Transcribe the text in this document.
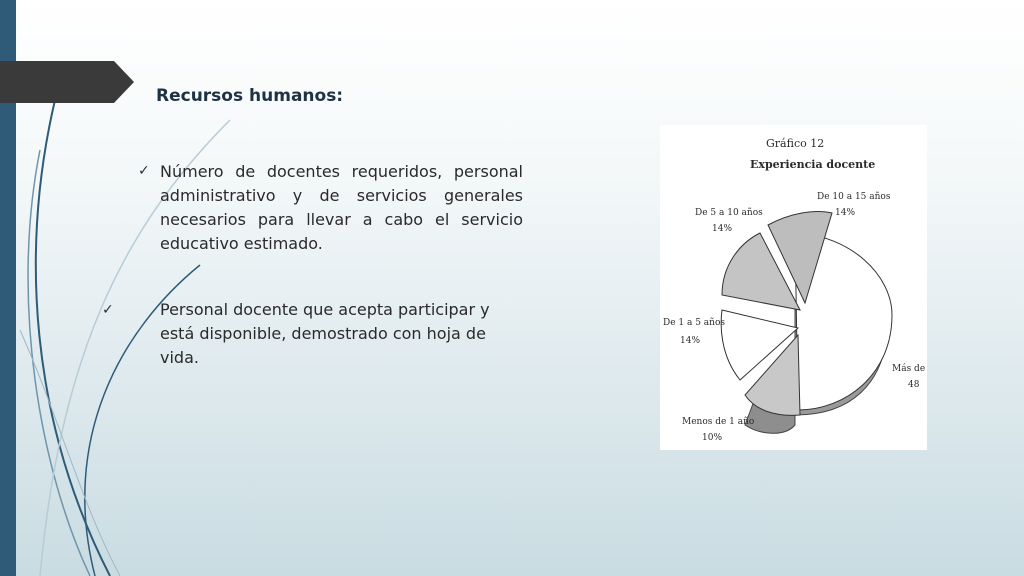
Recursos humanos:
✓ Número de docentes requeridos, personal administrativo y de servicios generales necesarios para llevar a cabo el servicio educativo estimado.
✓	Personal docente que acepta participar y está disponible, demostrado con hoja de vida.
Gráfico 12
Experiencia docente
De 10 a 15 años
14%
De 5 a 10 años
14%
De 1 a 5 años
14%
Más de
48
Menos de 1 año
10%
